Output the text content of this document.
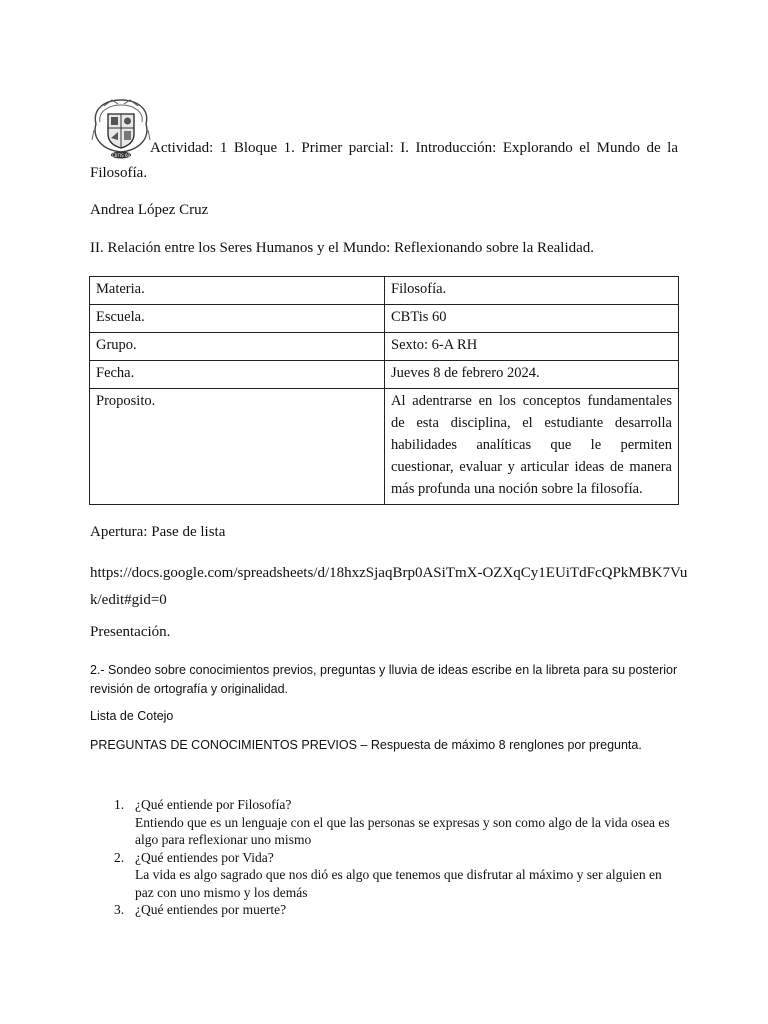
CBTIS 60 Actividad: 1 Bloque 1. Primer parcial: I. Introducción: Explorando el Mundo de la
Filosofía.
Andrea López Cruz
II. Relación entre los Seres Humanos y el Mundo: Reflexionando sobre la Realidad.
Materia.	Filosofía.
Escuela.	CBTis 60
Grupo.	Sexto: 6-A RH
Fecha.	Jueves 8 de febrero 2024.
Proposito.	Al adentrarse en los conceptos fundamentales de esta disciplina, el estudiante desarrolla habilidades analíticas que le permiten cuestionar, evaluar y articular ideas de manera más profunda una noción sobre la filosofía.
Apertura: Pase de lista
https://docs.google.com/spreadsheets/d/18hxzSjaqBrp0ASiTmX-OZXqCy1EUiTdFcQPkMBK7Vuk/edit#gid=0
Presentación.
2.- Sondeo sobre conocimientos previos, preguntas y lluvia de ideas escribe en la libreta para su posterior revisión de ortografía y originalidad.
Lista de Cotejo
PREGUNTAS DE CONOCIMIENTOS PREVIOS – Respuesta de máximo 8 renglones por pregunta.
1. ¿Qué entiende por Filosofía?
Entiendo que es un lenguaje con el que las personas se expresas y son como algo de la vida osea es algo para reflexionar uno mismo
2. ¿Qué entiendes por Vida?
La vida es algo sagrado que nos dió es algo que tenemos que disfrutar al máximo y ser alguien en paz con uno mismo y los demás
3. ¿Qué entiendes por muerte?
